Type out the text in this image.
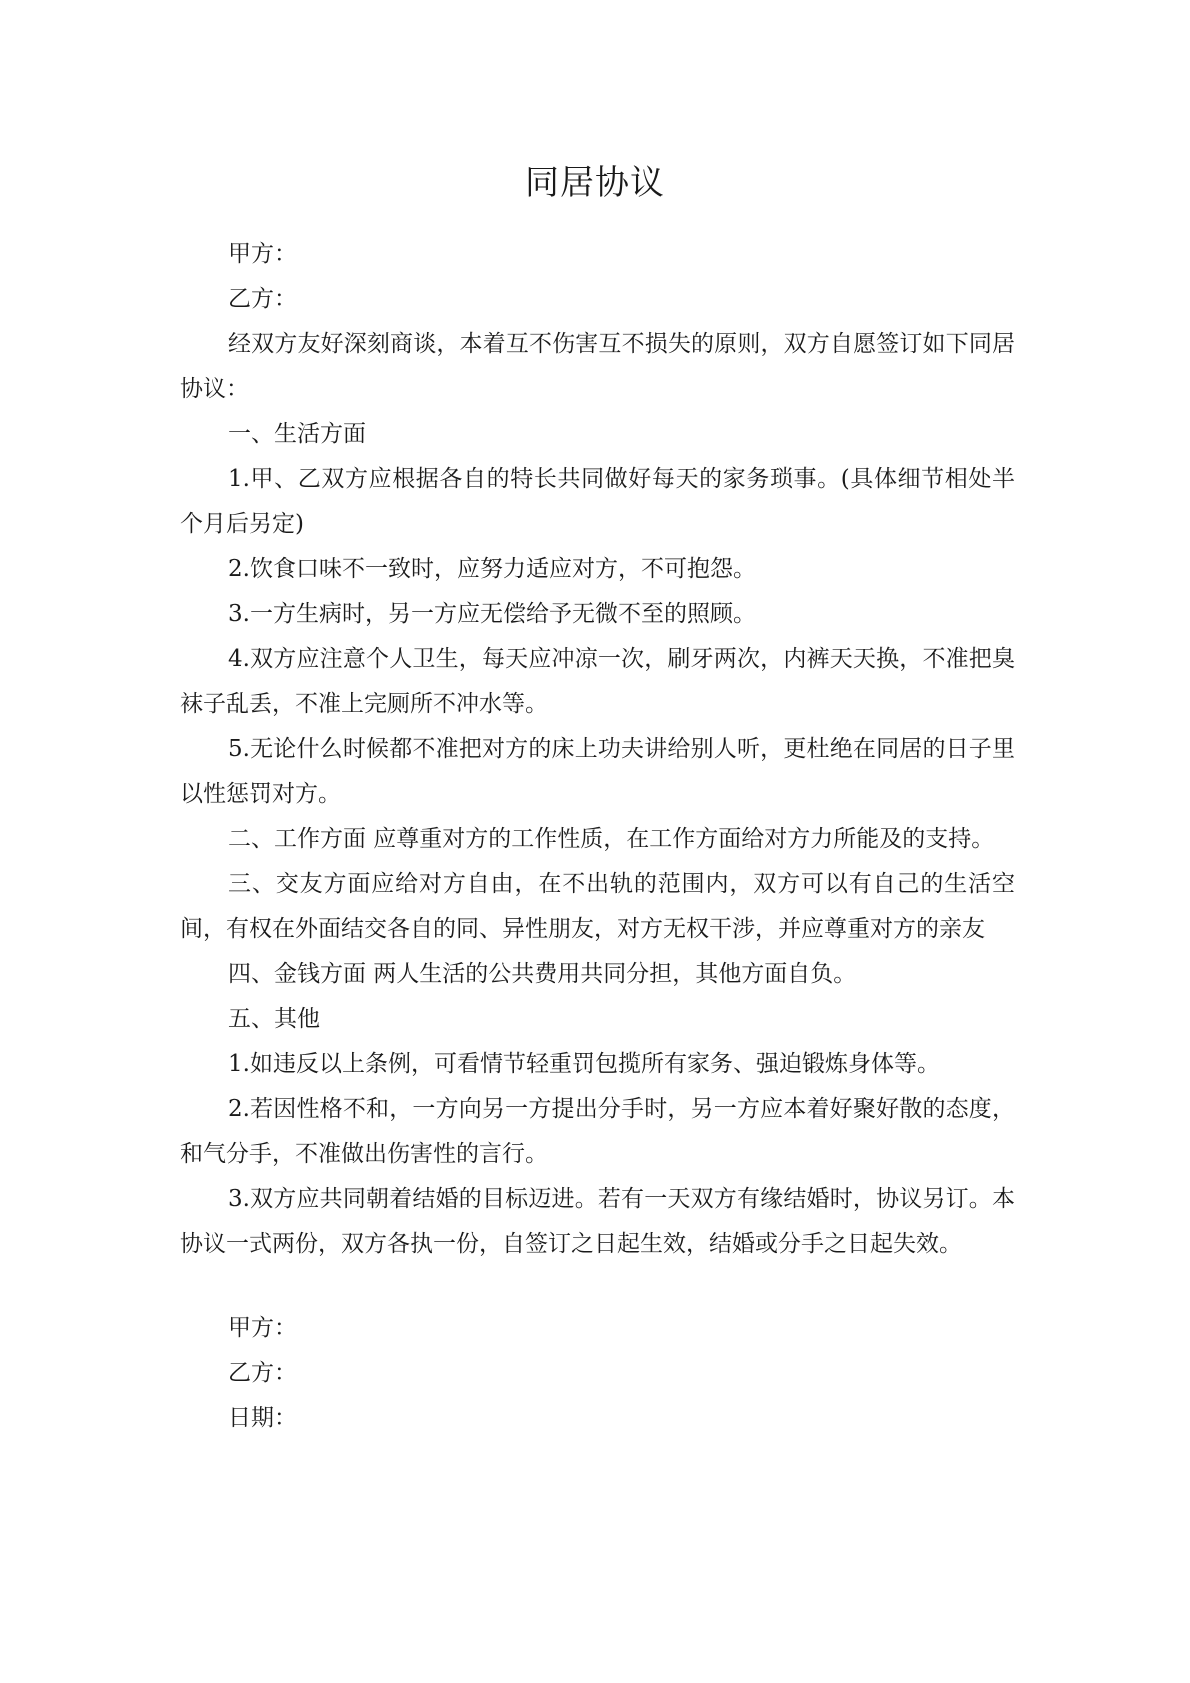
同居协议

甲方：

乙方：

经双方友好深刻商谈，本着互不伤害互不损失的原则，双方自愿签订如下同居协议：

一、生活方面

1.甲、乙双方应根据各自的特长共同做好每天的家务琐事。(具体细节相处半个月后另定)

2.饮食口味不一致时，应努力适应对方，不可抱怨。

3.一方生病时，另一方应无偿给予无微不至的照顾。

4.双方应注意个人卫生，每天应冲凉一次，刷牙两次，内裤天天换，不准把臭袜子乱丢，不准上完厕所不冲水等。

5.无论什么时候都不准把对方的床上功夫讲给别人听，更杜绝在同居的日子里以性惩罚对方。

二、工作方面 应尊重对方的工作性质，在工作方面给对方力所能及的支持。

三、交友方面应给对方自由，在不出轨的范围内，双方可以有自己的生活空间，有权在外面结交各自的同、异性朋友，对方无权干涉，并应尊重对方的亲友

四、金钱方面 两人生活的公共费用共同分担，其他方面自负。

五、其他

1.如违反以上条例，可看情节轻重罚包揽所有家务、强迫锻炼身体等。

2.若因性格不和，一方向另一方提出分手时，另一方应本着好聚好散的态度，和气分手，不准做出伤害性的言行。

3.双方应共同朝着结婚的目标迈进。若有一天双方有缘结婚时，协议另订。本协议一式两份，双方各执一份，自签订之日起生效，结婚或分手之日起失效。

甲方：

乙方：

日期：
